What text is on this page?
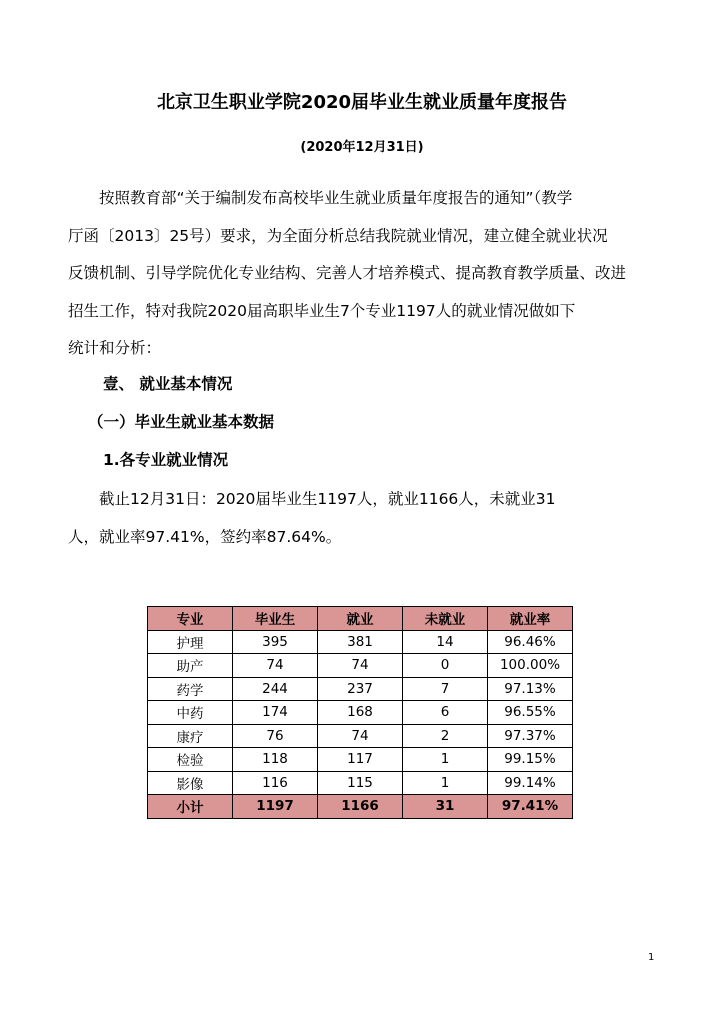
北京卫生职业学院2020届毕业生就业质量年度报告
(2020年12月31日)
按照教育部“关于编制发布高校毕业生就业质量年度报告的通知”（教学
厅函〔2013〕25号）要求，为全面分析总结我院就业情况，建立健全就业状况
反馈机制、引导学院优化专业结构、完善人才培养模式、提高教育教学质量、改进
招生工作，特对我院2020届高职毕业生7个专业1197人的就业情况做如下
统计和分析：
壹、 就业基本情况
（一）毕业生就业基本数据
1.各专业就业情况
截止12月31日：2020届毕业生1197人，就业1166人，未就业31
人，就业率97.41%，签约率87.64%。
专业	毕业生	就业	未就业	就业率
护理	395	381	14	96.46%
助产	74	74	0	100.00%
药学	244	237	7	97.13%
中药	174	168	6	96.55%
康疗	76	74	2	97.37%
检验	118	117	1	99.15%
影像	116	115	1	99.14%
小计	1197	1166	31	97.41%
1
